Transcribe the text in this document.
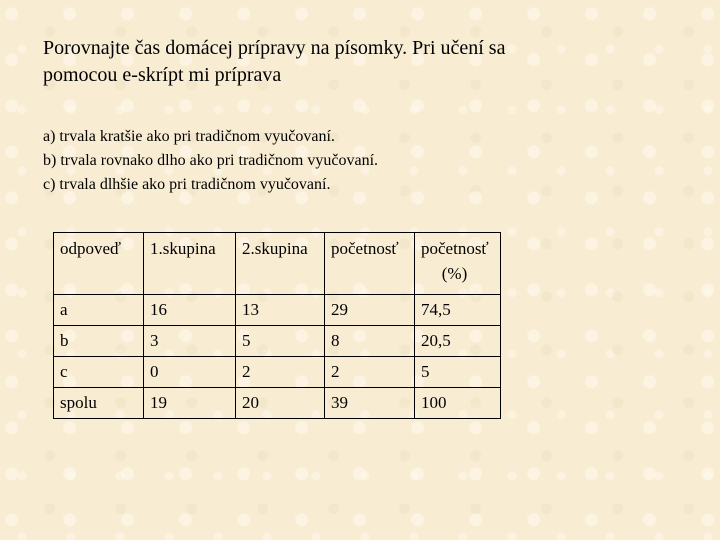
Porovnajte čas domácej prípravy na písomky. Pri učení sa
pomocou e-skrípt mi príprava
a) trvala kratšie ako pri tradičnom vyučovaní.
b) trvala rovnako dlho ako pri tradičnom vyučovaní.
c) trvala dlhšie ako pri tradičnom vyučovaní.
odpoveď	1.skupina	2.skupina	početnosť	početnosť
(%)

a	16	13	29	74,5
b	3	5	8	20,5
c	0	2	2	5
spolu	19	20	39	100
